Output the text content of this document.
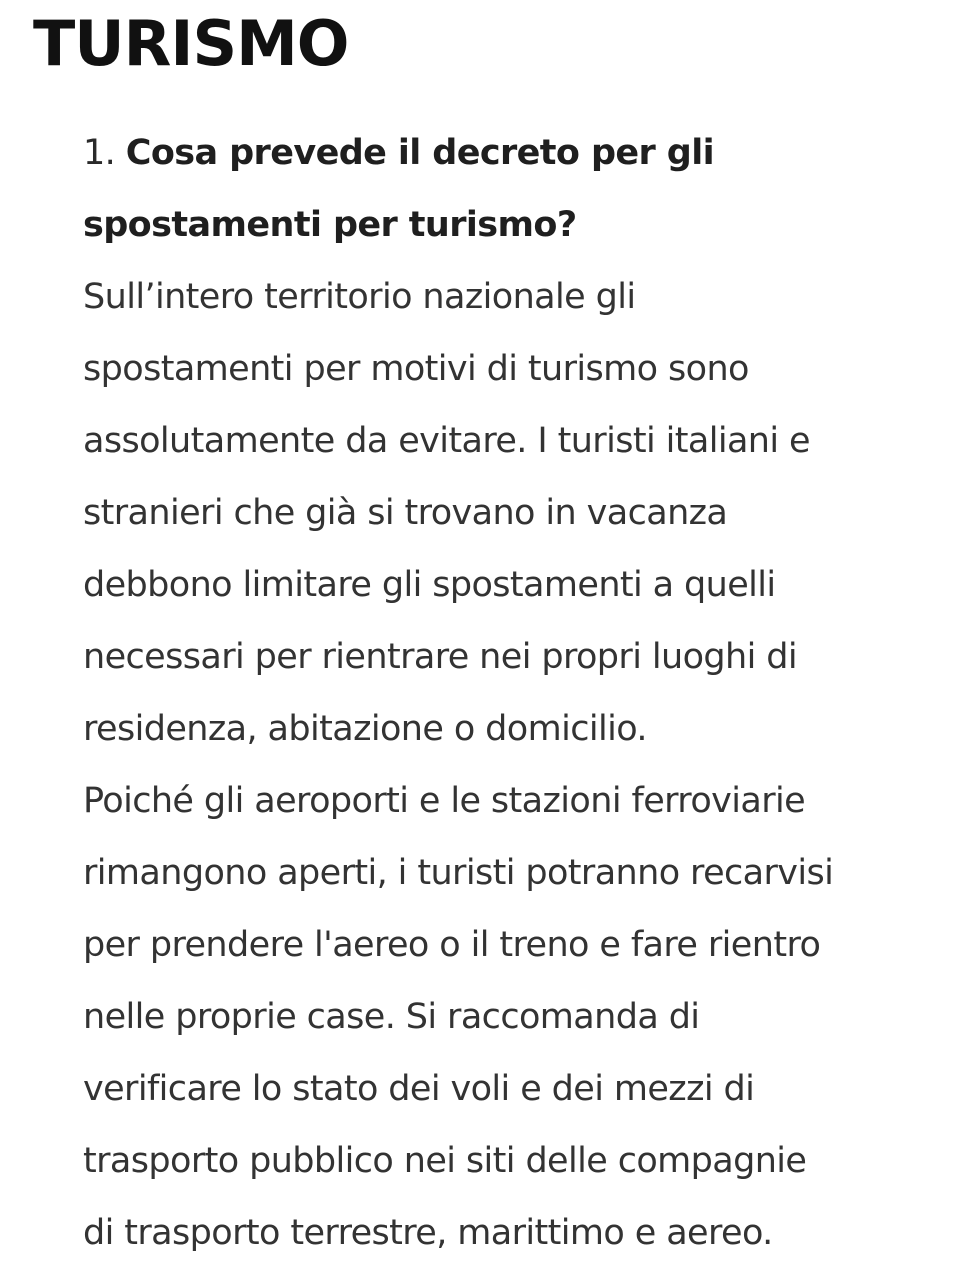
TURISMO
1. Cosa prevede il decreto per gli
spostamenti per turismo?

Sull’intero territorio nazionale gli
spostamenti per motivi di turismo sono
assolutamente da evitare. I turisti italiani e
stranieri che già si trovano in vacanza
debbono limitare gli spostamenti a quelli
necessari per rientrare nei propri luoghi di
residenza, abitazione o domicilio.

Poiché gli aeroporti e le stazioni ferroviarie
rimangono aperti, i turisti potranno recarvisi
per prendere l'aereo o il treno e fare rientro
nelle proprie case. Si raccomanda di
verificare lo stato dei voli e dei mezzi di
trasporto pubblico nei siti delle compagnie
di trasporto terrestre, marittimo e aereo.
